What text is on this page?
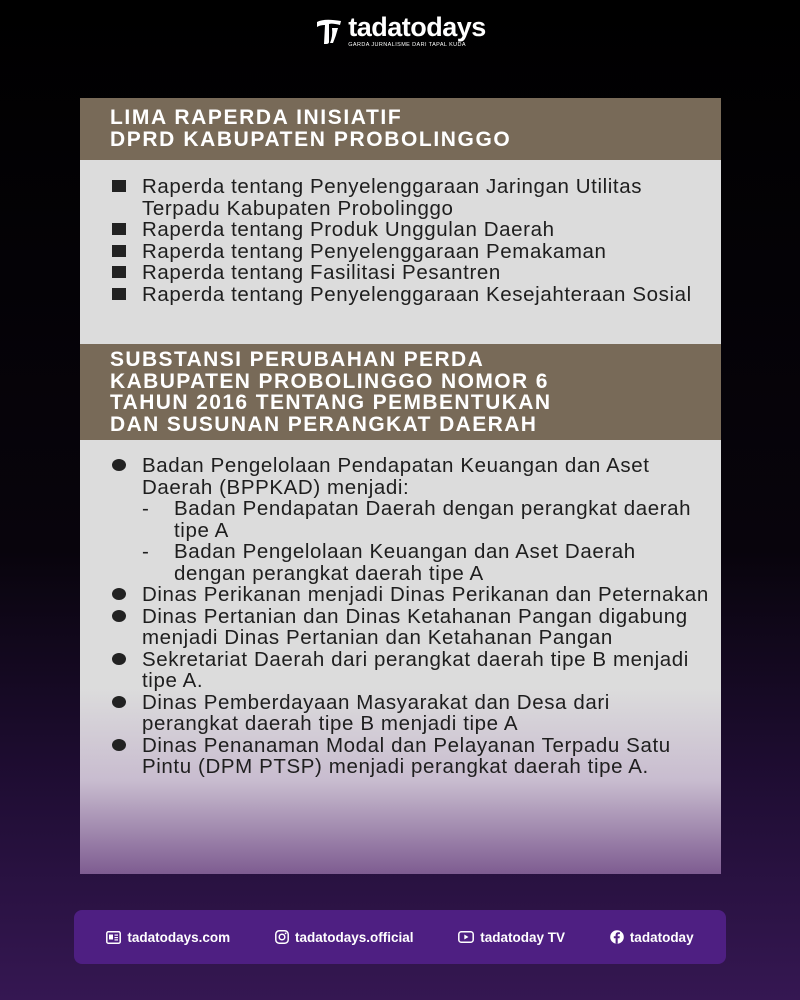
tadatodays
GARDA JURNALISME DARI TAPAL KUDA
LIMA RAPERDA INISIATIF
DPRD KABUPATEN PROBOLINGGO
Raperda tentang Penyelenggaraan Jaringan Utilitas Terpadu Kabupaten Probolinggo
Raperda tentang Produk Unggulan Daerah
Raperda tentang Penyelenggaraan Pemakaman
Raperda tentang Fasilitasi Pesantren
Raperda tentang Penyelenggaraan Kesejahteraan Sosial
SUBSTANSI PERUBAHAN PERDA
KABUPATEN PROBOLINGGO NOMOR 6
TAHUN 2016 TENTANG PEMBENTUKAN
DAN SUSUNAN PERANGKAT DAERAH
Badan Pengelolaan Pendapatan Keuangan dan Aset Daerah (BPPKAD) menjadi:
- Badan Pendapatan Daerah dengan perangkat daerah tipe A
- Badan Pengelolaan Keuangan dan Aset Daerah dengan perangkat daerah tipe A
Dinas Perikanan menjadi Dinas Perikanan dan Peternakan
Dinas Pertanian dan Dinas Ketahanan Pangan digabung menjadi Dinas Pertanian dan Ketahanan Pangan
Sekretariat Daerah dari perangkat daerah tipe B menjadi tipe A.
Dinas Pemberdayaan Masyarakat dan Desa dari perangkat daerah tipe B menjadi tipe A
Dinas Penanaman Modal dan Pelayanan Terpadu Satu Pintu (DPM PTSP) menjadi perangkat daerah tipe A.
tadatodays.com	tadatodays.official	tadatoday TV	tadatoday
